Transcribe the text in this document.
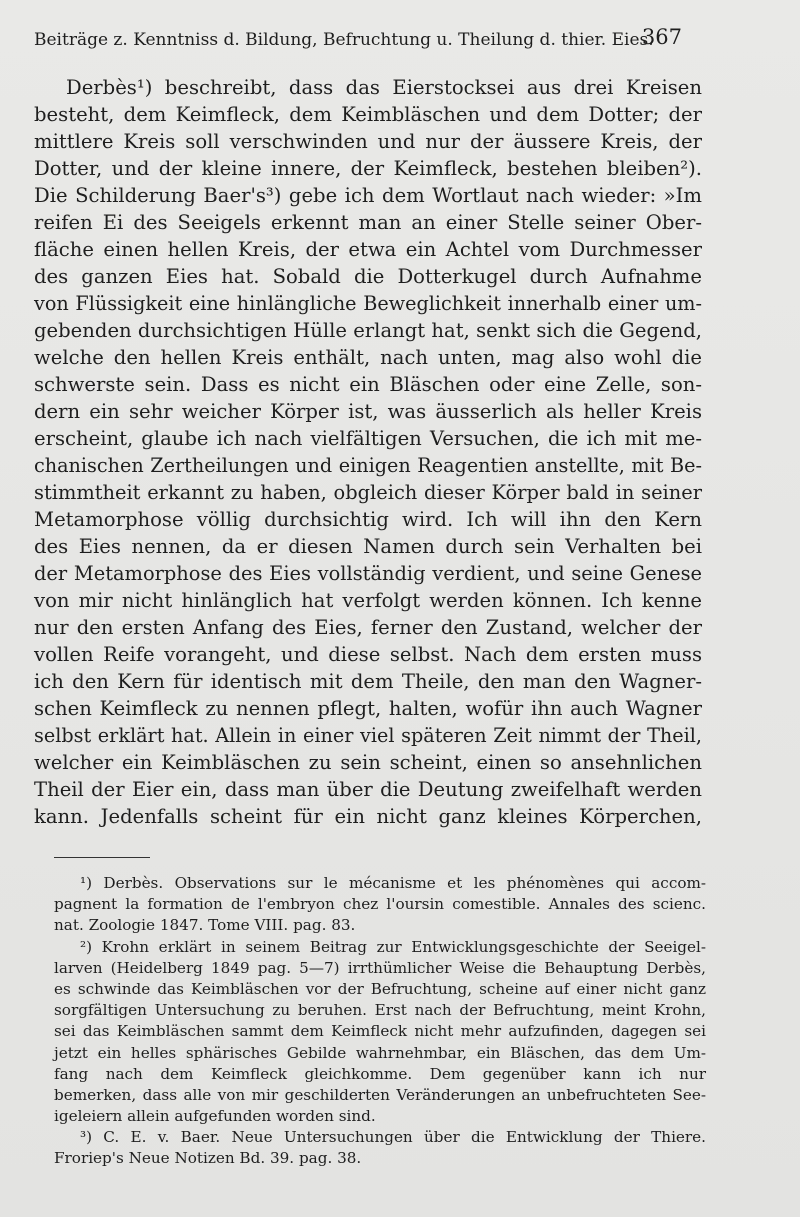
Beiträge z. Kenntniss d. Bildung, Befruchtung u. Theilung d. thier. Eies.
367
Derbès¹) beschreibt, dass das Eierstocksei aus drei Kreisen
besteht, dem Keimfleck, dem Keimbläschen und dem Dotter; der
mittlere Kreis soll verschwinden und nur der äussere Kreis, der
Dotter, und der kleine innere, der Keimfleck, bestehen bleiben²).
Die Schilderung Baer's³) gebe ich dem Wortlaut nach wieder: »Im
reifen Ei des Seeigels erkennt man an einer Stelle seiner Ober-
fläche einen hellen Kreis, der etwa ein Achtel vom Durchmesser
des ganzen Eies hat. Sobald die Dotterkugel durch Aufnahme
von Flüssigkeit eine hinlängliche Beweglichkeit innerhalb einer um-
gebenden durchsichtigen Hülle erlangt hat, senkt sich die Gegend,
welche den hellen Kreis enthält, nach unten, mag also wohl die
schwerste sein. Dass es nicht ein Bläschen oder eine Zelle, son-
dern ein sehr weicher Körper ist, was äusserlich als heller Kreis
erscheint, glaube ich nach vielfältigen Versuchen, die ich mit me-
chanischen Zertheilungen und einigen Reagentien anstellte, mit Be-
stimmtheit erkannt zu haben, obgleich dieser Körper bald in seiner
Metamorphose völlig durchsichtig wird. Ich will ihn den Kern
des Eies nennen, da er diesen Namen durch sein Verhalten bei
der Metamorphose des Eies vollständig verdient, und seine Genese
von mir nicht hinlänglich hat verfolgt werden können. Ich kenne
nur den ersten Anfang des Eies, ferner den Zustand, welcher der
vollen Reife vorangeht, und diese selbst. Nach dem ersten muss
ich den Kern für identisch mit dem Theile, den man den Wagner-
schen Keimfleck zu nennen pflegt, halten, wofür ihn auch Wagner
selbst erklärt hat. Allein in einer viel späteren Zeit nimmt der Theil,
welcher ein Keimbläschen zu sein scheint, einen so ansehnlichen
Theil der Eier ein, dass man über die Deutung zweifelhaft werden
kann. Jedenfalls scheint für ein nicht ganz kleines Körperchen,
¹) Derbès. Observations sur le mécanisme et les phénomènes qui accom-
pagnent la formation de l'embryon chez l'oursin comestible. Annales des scienc.
nat. Zoologie 1847. Tome VIII. pag. 83.
²) Krohn erklärt in seinem Beitrag zur Entwicklungsgeschichte der Seeigel-
larven (Heidelberg 1849 pag. 5—7) irrthümlicher Weise die Behauptung Derbès,
es schwinde das Keimbläschen vor der Befruchtung, scheine auf einer nicht ganz
sorgfältigen Untersuchung zu beruhen. Erst nach der Befruchtung, meint Krohn,
sei das Keimbläschen sammt dem Keimfleck nicht mehr aufzufinden, dagegen sei
jetzt ein helles sphärisches Gebilde wahrnehmbar, ein Bläschen, das dem Um-
fang nach dem Keimfleck gleichkomme. Dem gegenüber kann ich nur
bemerken, dass alle von mir geschilderten Veränderungen an unbefruchteten See-
igeleiern allein aufgefunden worden sind.
³) C. E. v. Baer. Neue Untersuchungen über die Entwicklung der Thiere.
Froriep's Neue Notizen Bd. 39. pag. 38.
